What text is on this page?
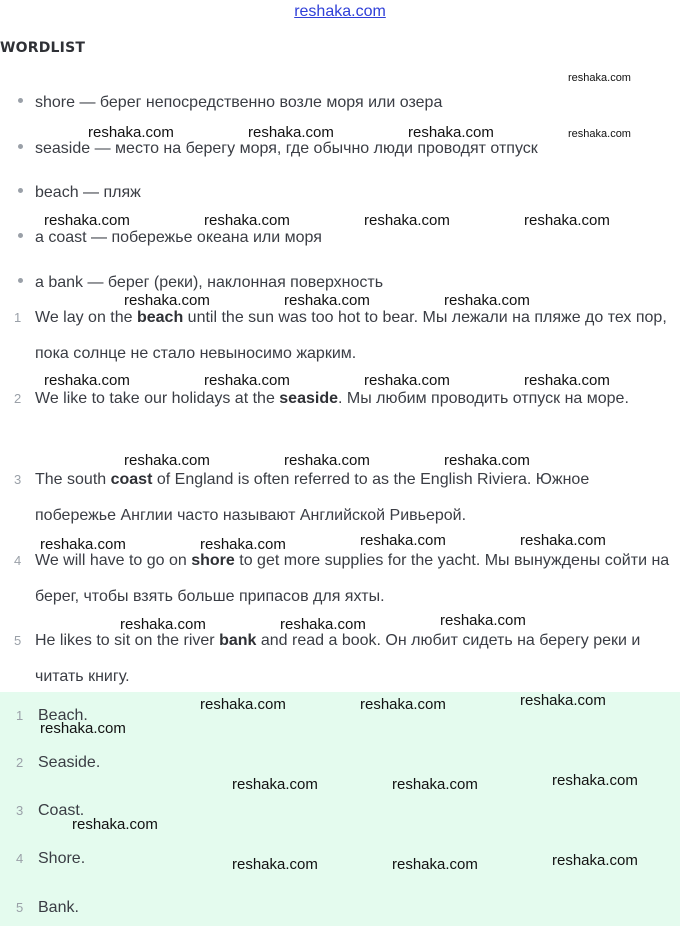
reshaka.com
WORDLIST
shore — берег непосредственно возле моря или озера
seaside — место на берегу моря, где обычно люди проводят отпуск
beach — пляж
a coast — побережье океана или моря
a bank — берег (реки), наклонная поверхность
1 We lay on the beach until the sun was too hot to bear. Мы лежали на пляже до тех пор, пока солнце не стало невыносимо жарким.
2 We like to take our holidays at the seaside. Мы любим проводить отпуск на море.
3 The south coast of England is often referred to as the English Riviera. Южное побережье Англии часто называют Английской Ривьерой.
4 We will have to go on shore to get more supplies for the yacht. Мы вынуждены сойти на берег, чтобы взять больше припасов для яхты.
5 He likes to sit on the river bank and read a book. Он любит сидеть на берегу реки и читать книгу.
1 Beach.
2 Seaside.
3 Coast.
4 Shore.
5 Bank.
reshaka.com
reshaka.com	reshaka.com	reshaka.com	reshaka.com
reshaka.com	reshaka.com	reshaka.com	reshaka.com
reshaka.com	reshaka.com	reshaka.com
reshaka.com	reshaka.com	reshaka.com	reshaka.com
reshaka.com	reshaka.com	reshaka.com
reshaka.com	reshaka.com	reshaka.com	reshaka.com
reshaka.com	reshaka.com	reshaka.com
reshaka.com	reshaka.com	reshaka.com
reshaka.com
reshaka.com	reshaka.com	reshaka.com
reshaka.com
reshaka.com	reshaka.com	reshaka.com
